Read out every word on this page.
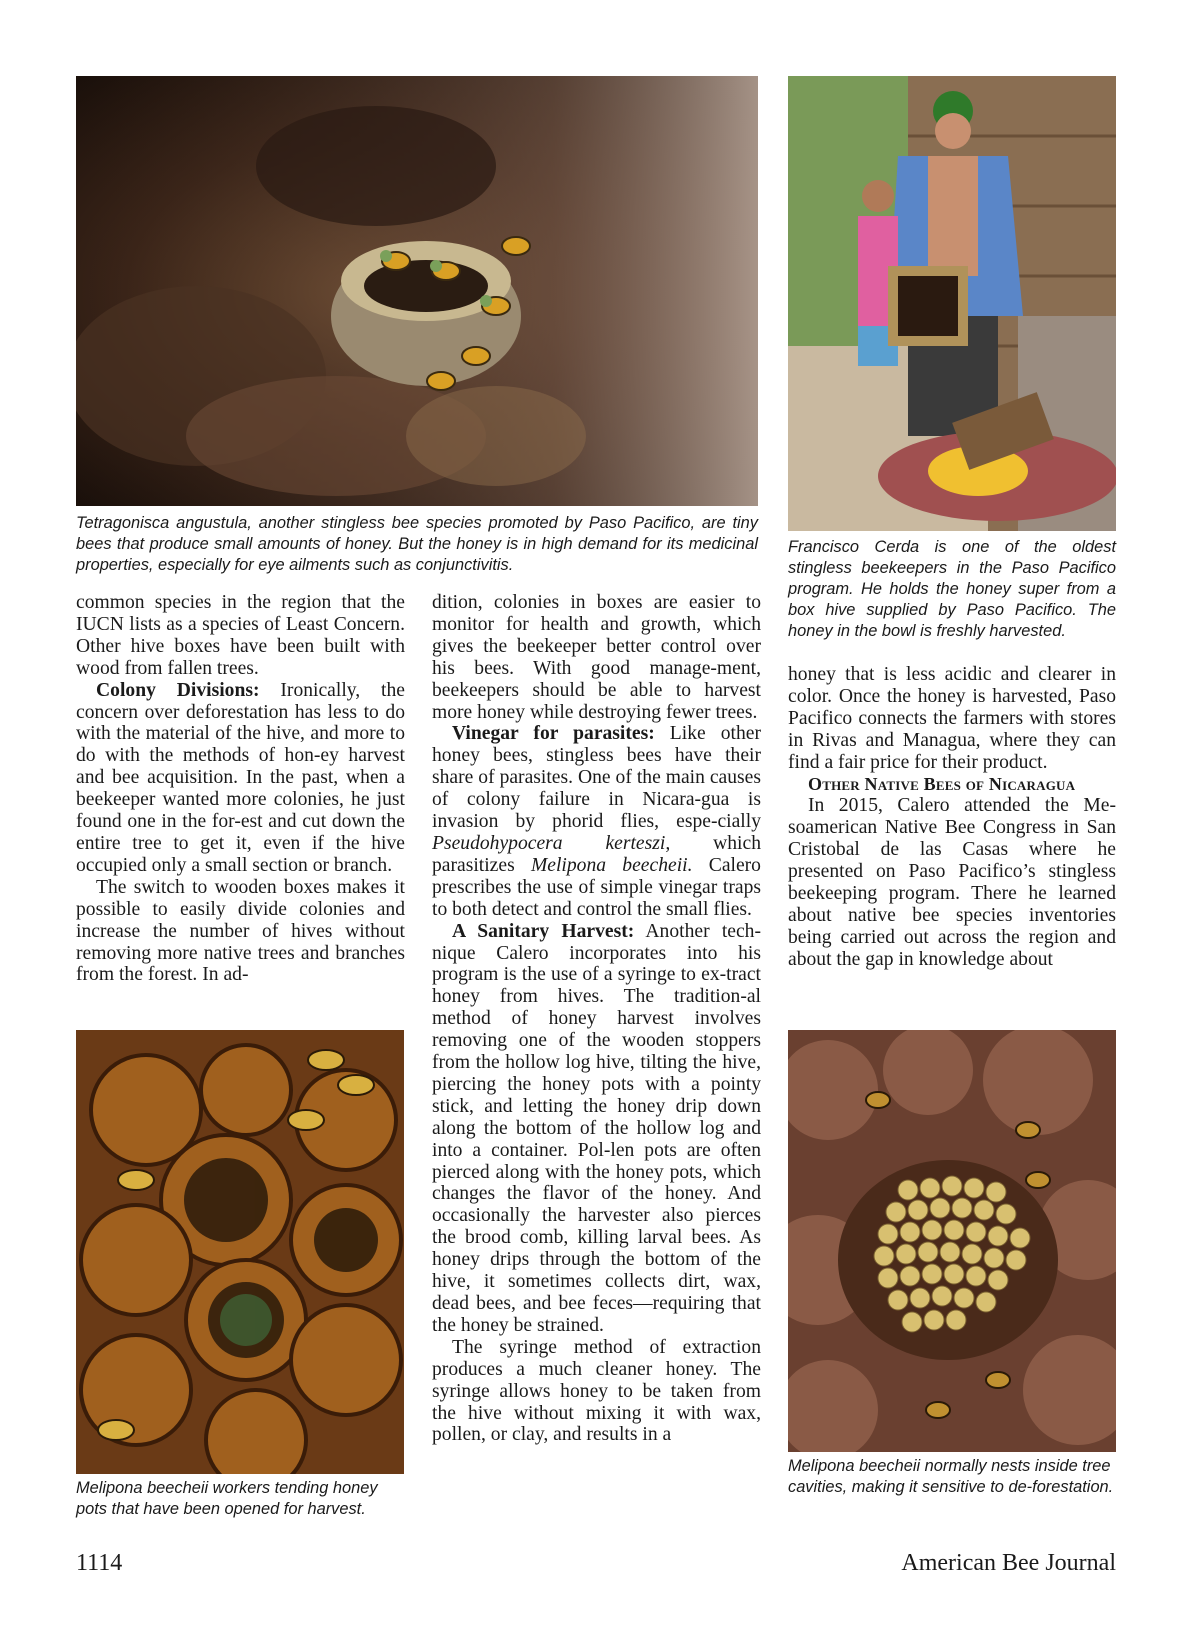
Tetragonisca angustula, another stingless bee species promoted by Paso Pacifico, are tiny bees that produce small amounts of honey. But the honey is in high demand for its medicinal properties, especially for eye ailments such as conjunctivitis.
Francisco Cerda is one of the oldest stingless beekeepers in the Paso Pacifico program. He holds the honey super from a box hive supplied by Paso Pacifico. The honey in the bowl is freshly harvested.

common species in the region that the IUCN lists as a species of Least Concern. Other hive boxes have been built with wood from fallen trees.

Colony Divisions: Ironically, the concern over deforestation has less to do with the material of the hive, and more to do with the methods of hon-ey harvest and bee acquisition. In the past, when a beekeeper wanted more colonies, he just found one in the for-est and cut down the entire tree to get it, even if the hive occupied only a small section or branch.

The switch to wooden boxes makes it possible to easily divide colonies and increase the number of hives without removing more native trees and branches from the forest. In ad-

Melipona beecheii workers tending honey pots that have been opened for harvest.

dition, colonies in boxes are easier to monitor for health and growth, which gives the beekeeper better control over his bees. With good manage-ment, beekeepers should be able to harvest more honey while destroying fewer trees.

Vinegar for parasites: Like other honey bees, stingless bees have their share of parasites. One of the main causes of colony failure in Nicara-gua is invasion by phorid flies, espe-cially Pseudohypocera kerteszi, which parasitizes Melipona beecheii. Calero prescribes the use of simple vinegar traps to both detect and control the small flies.

A Sanitary Harvest: Another tech-nique Calero incorporates into his program is the use of a syringe to ex-tract honey from hives. The tradition-al method of honey harvest involves removing one of the wooden stoppers from the hollow log hive, tilting the hive, piercing the honey pots with a pointy stick, and letting the honey drip down along the bottom of the hollow log and into a container. Pol-len pots are often pierced along with the honey pots, which changes the flavor of the honey. And occasionally the harvester also pierces the brood comb, killing larval bees. As honey drips through the bottom of the hive, it sometimes collects dirt, wax, dead bees, and bee feces—requiring that the honey be strained.

The syringe method of extraction produces a much cleaner honey. The syringe allows honey to be taken from the hive without mixing it with wax, pollen, or clay, and results in a

honey that is less acidic and clearer in color. Once the honey is harvested, Paso Pacifico connects the farmers with stores in Rivas and Managua, where they can find a fair price for their product.

Other Native Bees of Nicaragua

In 2015, Calero attended the Me-soamerican Native Bee Congress in San Cristobal de las Casas where he presented on Paso Pacifico’s stingless beekeeping program. There he learned about native bee species inventories being carried out across the region and about the gap in knowledge about

Melipona beecheii normally nests inside tree cavities, making it sensitive to de-forestation.
1114	American Bee Journal
